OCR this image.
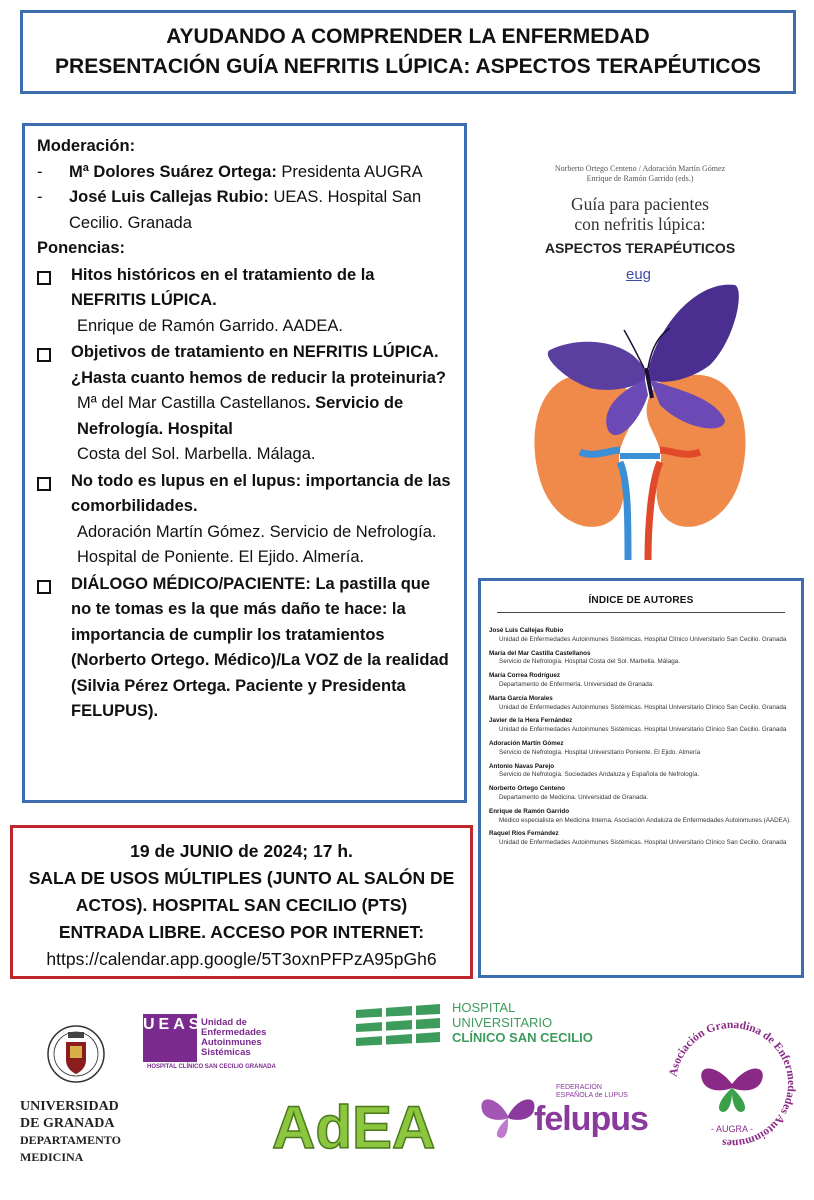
AYUDANDO A COMPRENDER LA ENFERMEDAD
PRESENTACIÓN GUÍA NEFRITIS LÚPICA: ASPECTOS TERAPÉUTICOS
Moderación:
-	Mª Dolores Suárez Ortega: Presidenta AUGRA
-	José Luis Callejas Rubio: UEAS. Hospital San Cecilio. Granada
Ponencias:
Hitos históricos en el tratamiento de la NEFRITIS LÚPICA.
Enrique de Ramón Garrido. AADEA.
Objetivos de tratamiento en NEFRITIS LÚPICA. ¿Hasta cuanto hemos de reducir la proteinuria?
Mª del Mar Castilla Castellanos. Servicio de Nefrología. Hospital
Costa del Sol. Marbella. Málaga.
No todo es lupus en el lupus: importancia de las comorbilidades.
Adoración Martín Gómez. Servicio de Nefrología. Hospital de Poniente. El Ejido. Almería.
DIÁLOGO MÉDICO/PACIENTE: La pastilla que no te tomas es la que más daño te hace: la importancia de cumplir los tratamientos (Norberto Ortego. Médico)/La VOZ de la realidad (Silvia Pérez Ortega. Paciente y Presidenta FELUPUS).
Norberto Ortego Centeno / Adoración Martín Gómez
Enrique de Ramón Garrido (eds.)
Guía para pacientes
con nefritis lúpica:
ASPECTOS TERAPÉUTICOS
eug
ÍNDICE DE AUTORES
José Luis Callejas Rubio
Unidad de Enfermedades Autoinmunes Sistémicas. Hospital Clínico Universitario San Cecilio. Granada
María del Mar Castilla Castellanos
Servicio de Nefrología. Hospital Costa del Sol. Marbella. Málaga.
María Correa Rodríguez
Departamento de Enfermería. Universidad de Granada.
Marta García Morales
Unidad de Enfermedades Autoinmunes Sistémicas. Hospital Universitario Clínico San Cecilio. Granada
Javier de la Hera Fernández
Unidad de Enfermedades Autoinmunes Sistémicas. Hospital Universitario Clínico San Cecilio. Granada
Adoración Martín Gómez
Servicio de Nefrología. Hospital Universitario Poniente. El Ejido. Almería
Antonio Navas Parejo
Servicio de Nefrología. Sociedades Andaluza y Española de Nefrología.
Norberto Ortego Centeno
Departamento de Medicina. Universidad de Granada.
Enrique de Ramón Garrido
Médico especialista en Medicina Interna. Asociación Andaluza de Enfermedades Autoinmunes (AADEA).
Raquel Ríos Fernández
Unidad de Enfermedades Autoinmunes Sistémicas. Hospital Universitario Clínico San Cecilio. Granada
19 de JUNIO de 2024; 17 h.
SALA DE USOS MÚLTIPLES (JUNTO AL SALÓN DE
ACTOS). HOSPITAL SAN CECILIO (PTS)
ENTRADA LIBRE. ACCESO POR INTERNET:
https://calendar.app.google/5T3oxnPFPzA95pGh6
UNIVERSIDAD
DE GRANADA
DEPARTAMENTO
MEDICINA
UEAS
Unidad de
Enfermedades
Autoinmunes
Sistémicas
HOSPITAL CLÍNICO SAN CECILIO GRANADA
HOSPITAL
UNIVERSITARIO
CLÍNICO SAN CECILIO
AdEA
FEDERACIÓN
ESPAÑOLA de LUPUS
felupus
Asociación Granadina de Enfermedades Autoinmunes
- AUGRA -
